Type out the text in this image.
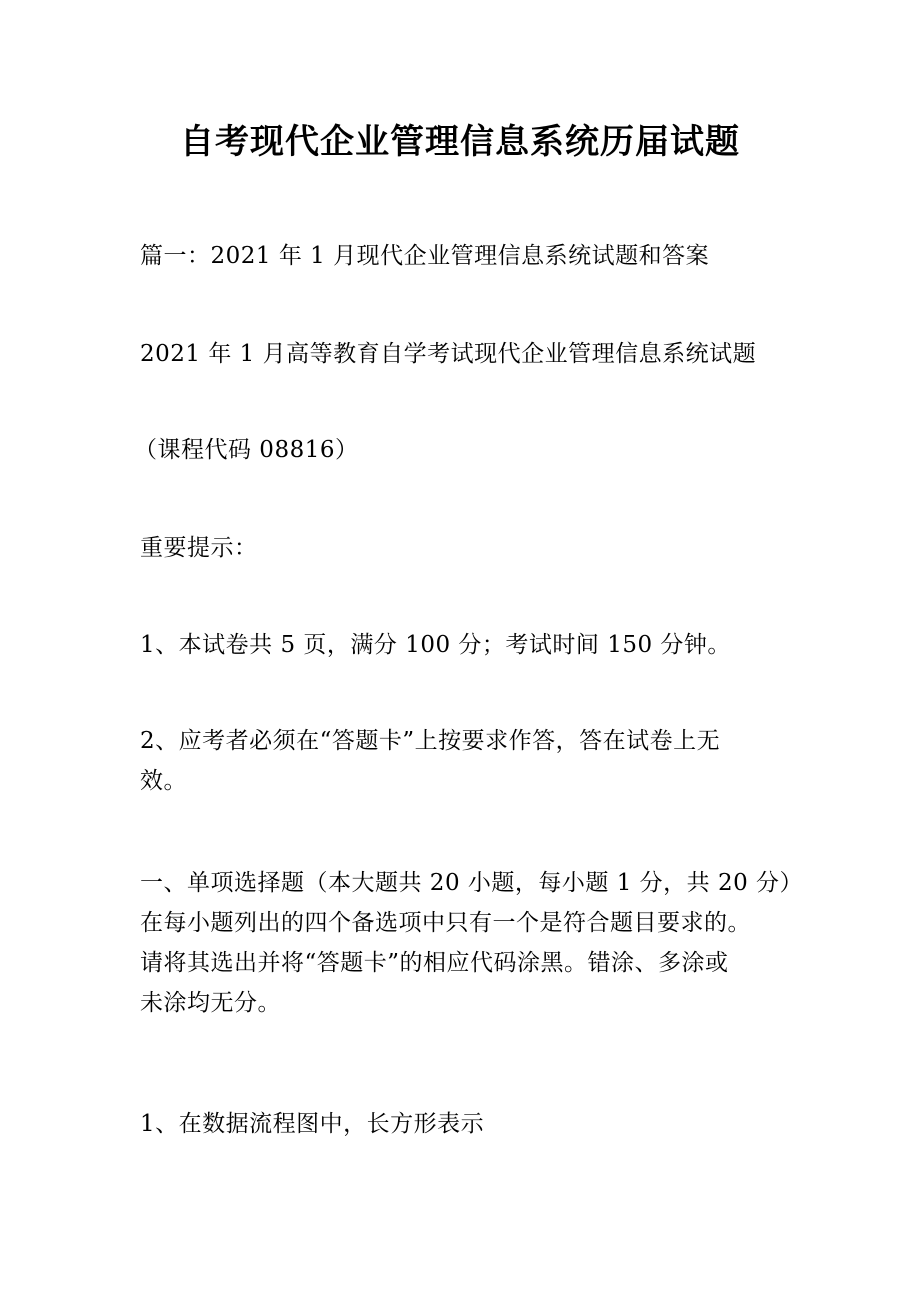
自考现代企业管理信息系统历届试题

篇一：2021 年 1 月现代企业管理信息系统试题和答案

2021 年 1 月高等教育自学考试现代企业管理信息系统试题

（课程代码 08816）

重要提示：

1、本试卷共 5 页，满分 100 分；考试时间 150 分钟。

2、应考者必须在“答题卡”上按要求作答，答在试卷上无
效。

一、单项选择题（本大题共 20 小题，每小题 1 分，共 20 分）
在每小题列出的四个备选项中只有一个是符合题目要求的。
请将其选出并将“答题卡”的相应代码涂黑。错涂、多涂或
未涂均无分。

1、在数据流程图中，长方形表示
